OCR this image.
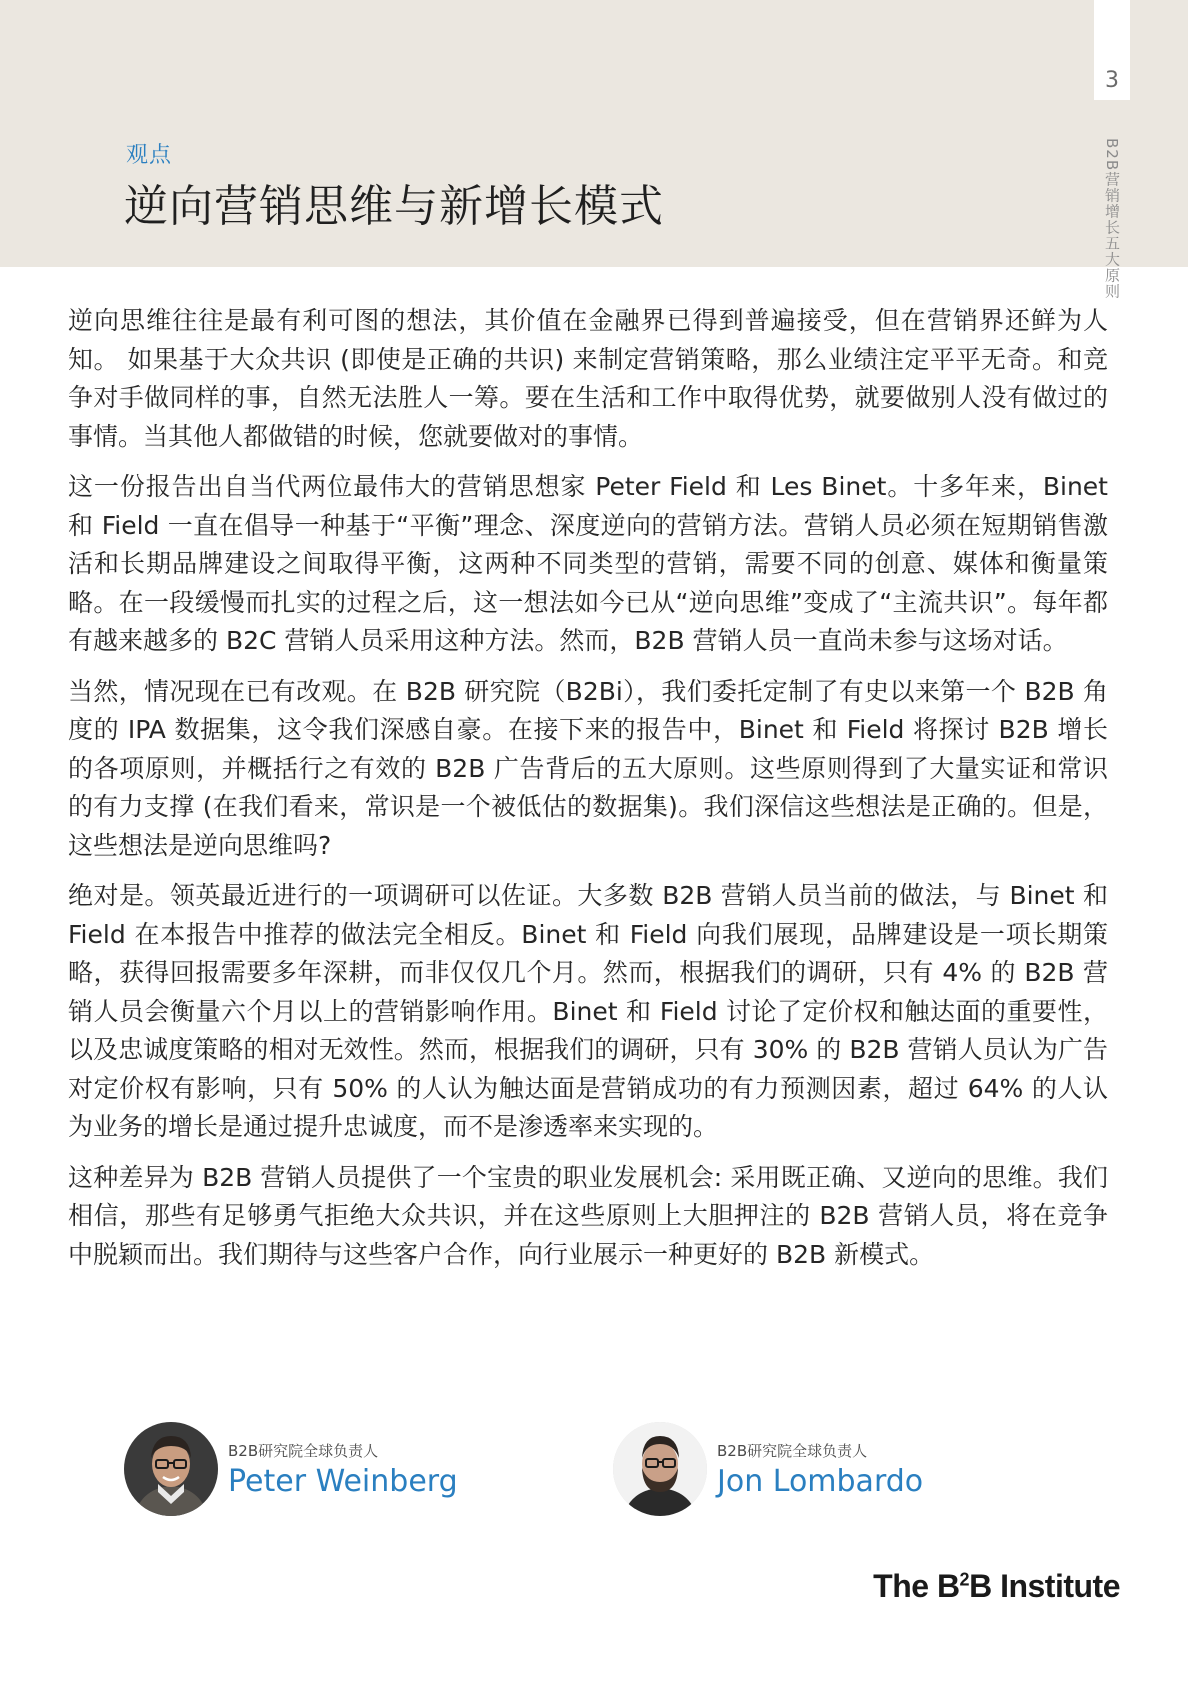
观点
逆向营销思维与新增长模式
3
B2B营销增长五大原则

逆向思维往往是最有利可图的想法，其价值在金融界已得到普遍接受，但在营销界还鲜为人知。 如果基于大众共识 (即使是正确的共识) 来制定营销策略，那么业绩注定平平无奇。和竞争对手做同样的事，自然无法胜人一筹。要在生活和工作中取得优势，就要做别人没有做过的事情。当其他人都做错的时候，您就要做对的事情。

这一份报告出自当代两位最伟大的营销思想家 Peter Field 和 Les Binet。十多年来，Binet 和 Field 一直在倡导一种基于“平衡”理念、深度逆向的营销方法。营销人员必须在短期销售激活和长期品牌建设之间取得平衡，这两种不同类型的营销，需要不同的创意、媒体和衡量策略。在一段缓慢而扎实的过程之后，这一想法如今已从“逆向思维”变成了“主流共识”。每年都有越来越多的 B2C 营销人员采用这种方法。然而，B2B 营销人员一直尚未参与这场对话。

当然，情况现在已有改观。在 B2B 研究院（B2Bi），我们委托定制了有史以来第一个 B2B 角度的 IPA 数据集，这令我们深感自豪。在接下来的报告中，Binet 和 Field 将探讨 B2B 增长的各项原则，并概括行之有效的 B2B 广告背后的五大原则。这些原则得到了大量实证和常识的有力支撑 (在我们看来，常识是一个被低估的数据集)。我们深信这些想法是正确的。但是，这些想法是逆向思维吗?

绝对是。领英最近进行的一项调研可以佐证。大多数 B2B 营销人员当前的做法，与 Binet 和 Field 在本报告中推荐的做法完全相反。Binet 和 Field 向我们展现，品牌建设是一项长期策略，获得回报需要多年深耕，而非仅仅几个月。然而，根据我们的调研，只有 4% 的 B2B 营销人员会衡量六个月以上的营销影响作用。Binet 和 Field 讨论了定价权和触达面的重要性，以及忠诚度策略的相对无效性。然而，根据我们的调研，只有 30% 的 B2B 营销人员认为广告对定价权有影响，只有 50% 的人认为触达面是营销成功的有力预测因素，超过 64% 的人认为业务的增长是通过提升忠诚度，而不是渗透率来实现的。

这种差异为 B2B 营销人员提供了一个宝贵的职业发展机会: 采用既正确、又逆向的思维。我们相信，那些有足够勇气拒绝大众共识，并在这些原则上大胆押注的 B2B 营销人员，将在竞争中脱颖而出。我们期待与这些客户合作，向行业展示一种更好的 B2B 新模式。

B2B研究院全球负责人
Peter Weinberg
B2B研究院全球负责人
Jon Lombardo
The $B^2B$ Institute
